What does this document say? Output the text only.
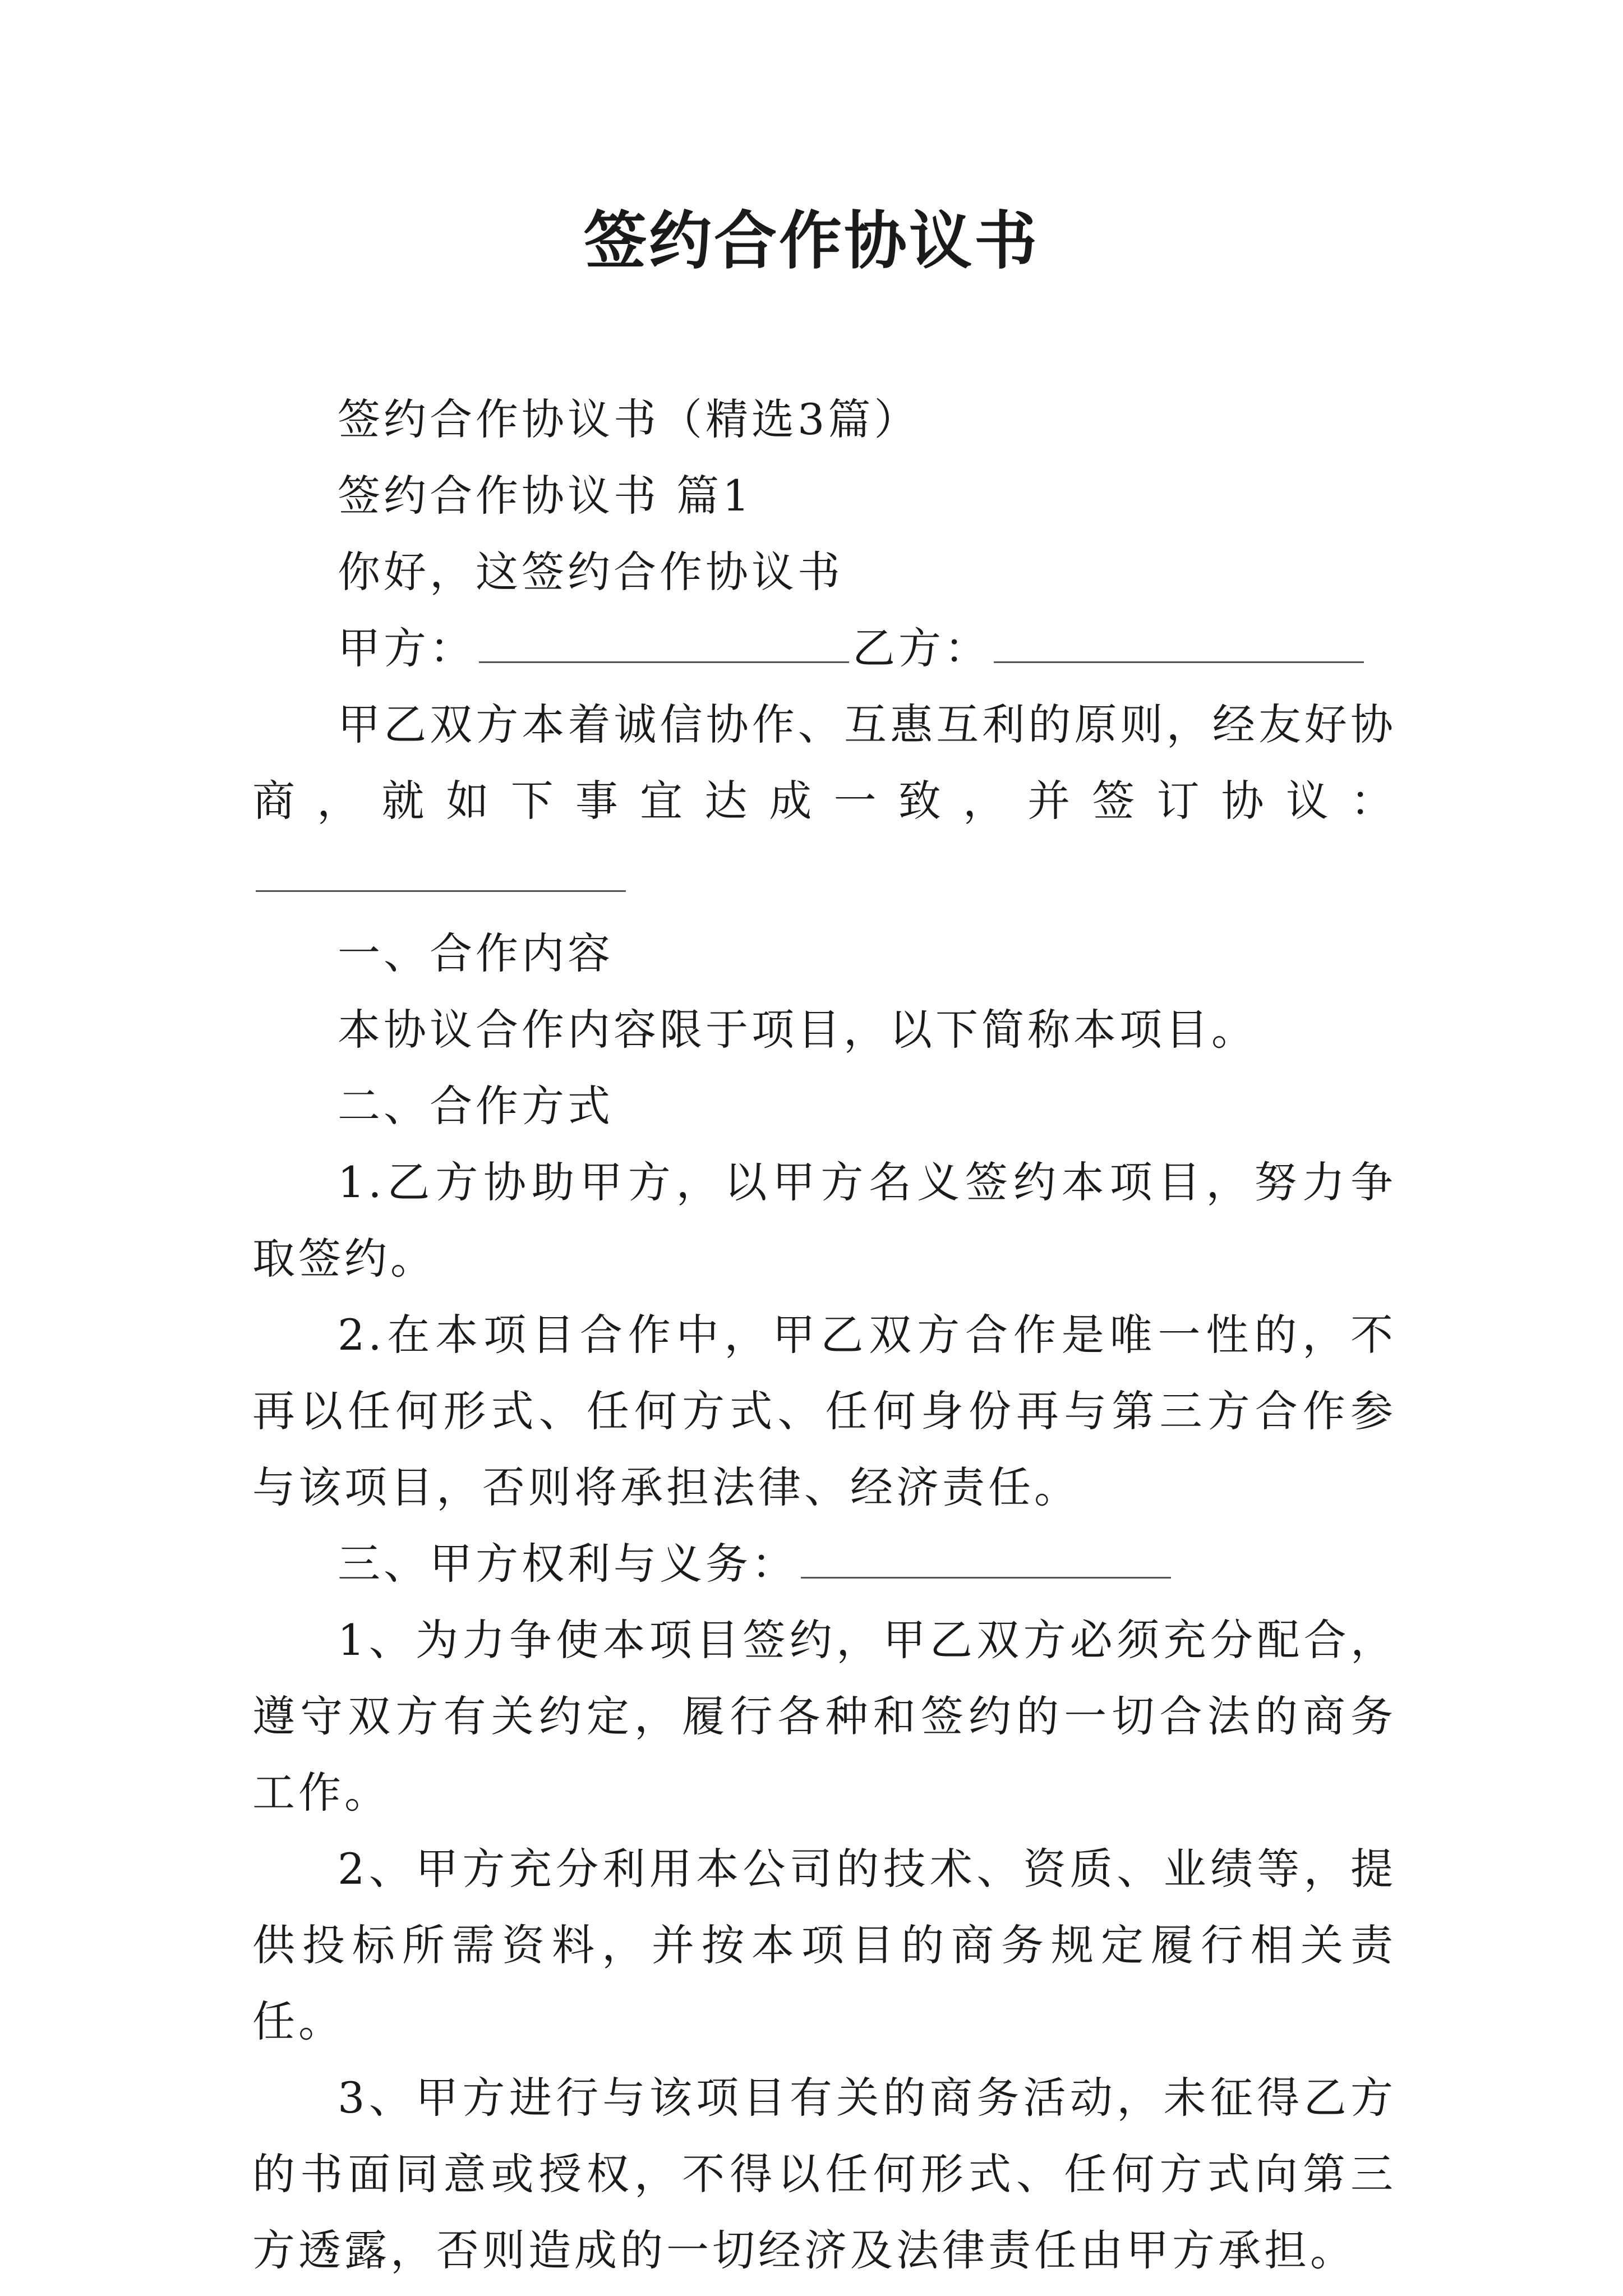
签约合作协议书

签约合作协议书（精选3篇）

签约合作协议书 篇1

你好，这签约合作协议书

甲方：	乙方：

甲乙双方本着诚信协作、互惠互利的原则，经友好协商，就如下事宜达成一致，并签订协议：

一、合作内容

本协议合作内容限于项目，以下简称本项目。

二、合作方式

1.乙方协助甲方，以甲方名义签约本项目，努力争取签约。

2.在本项目合作中，甲乙双方合作是唯一性的，不再以任何形式、任何方式、任何身份再与第三方合作参与该项目，否则将承担法律、经济责任。

三、甲方权利与义务：

1、为力争使本项目签约，甲乙双方必须充分配合，遵守双方有关约定，履行各种和签约的一切合法的商务工作。

2、甲方充分利用本公司的技术、资质、业绩等，提供投标所需资料，并按本项目的商务规定履行相关责任。

3、甲方进行与该项目有关的商务活动，未征得乙方的书面同意或授权，不得以任何形式、任何方式向第三方透露，否则造成的一切经济及法律责任由甲方承担。
